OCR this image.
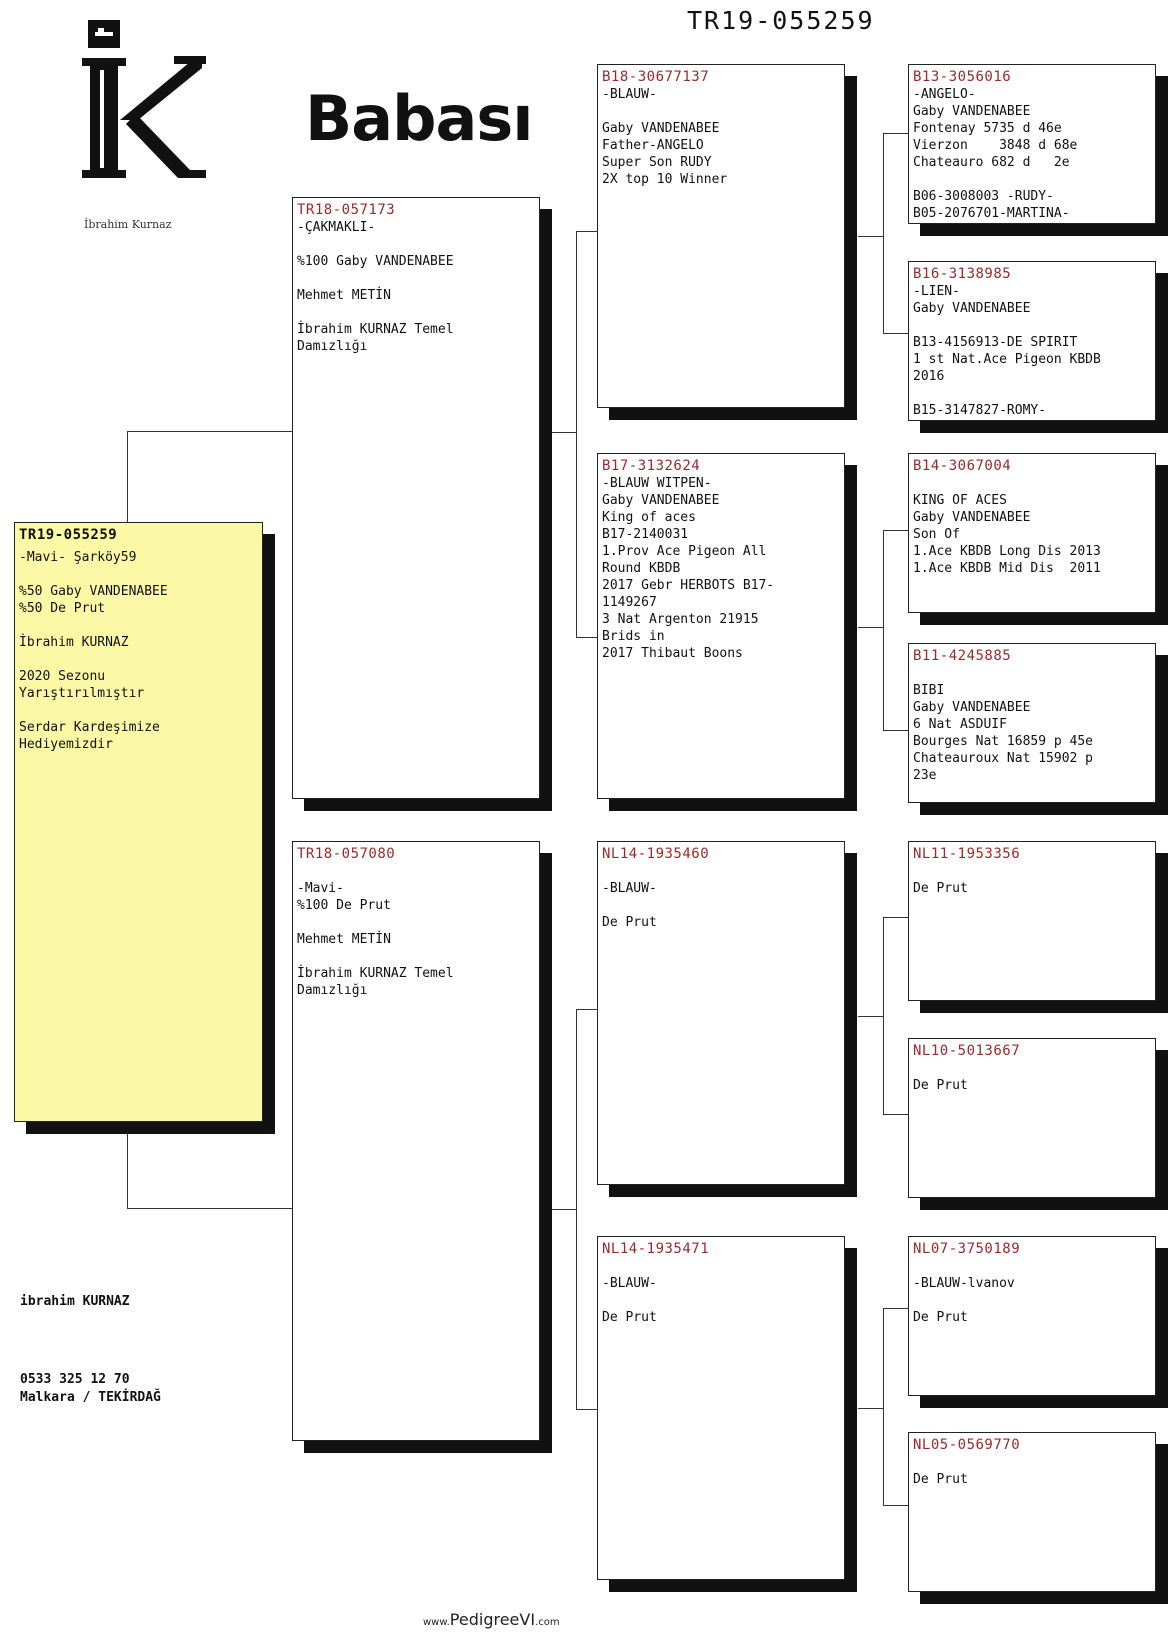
İbrahim Kurnaz
Babası
TR19-055259
TR19-055259
-Mavi- Şarköy59

%50 Gaby VANDENABEE
%50 De Prut

İbrahim KURNAZ

2020 Sezonu
Yarıştırılmıştır

Serdar Kardeşimize
Hediyemizdir
TR18-057173
-ÇAKMAKLI-

%100 Gaby VANDENABEE

Mehmet METİN

İbrahim KURNAZ Temel
Damızlığı
TR18-057080

-Mavi-
%100 De Prut

Mehmet METİN

İbrahim KURNAZ Temel
Damızlığı
B18-30677137
-BLAUW-

Gaby VANDENABEE
Father-ANGELO
Super Son RUDY
2X top 10 Winner
B17-3132624
-BLAUW WITPEN-
Gaby VANDENABEE
King of aces
B17-2140031
1.Prov Ace Pigeon All
Round KBDB
2017 Gebr HERBOTS B17-
1149267
3 Nat Argenton 21915
Brids in
2017 Thibaut Boons
NL14-1935460

-BLAUW-

De Prut
NL14-1935471

-BLAUW-

De Prut
B13-3056016
-ANGELO-
Gaby VANDENABEE
Fontenay 5735 d 46e
Vierzon    3848 d 68e
Chateauro 682 d   2e

B06-3008003 -RUDY-
B05-2076701-MARTINA-
B16-3138985
-LIEN-
Gaby VANDENABEE

B13-4156913-DE SPIRIT
1 st Nat.Ace Pigeon KBDB
2016

B15-3147827-ROMY-
B14-3067004

KING OF ACES
Gaby VANDENABEE
Son Of
1.Ace KBDB Long Dis 2013
1.Ace KBDB Mid Dis  2011
B11-4245885

BIBI
Gaby VANDENABEE
6 Nat ASDUIF
Bourges Nat 16859 p 45e
Chateauroux Nat 15902 p
23e
NL11-1953356

De Prut
NL10-5013667

De Prut
NL07-3750189

-BLAUW-lvanov

De Prut
NL05-0569770

De Prut
ibrahim KURNAZ
0533 325 12 70
Malkara / TEKİRDAĞ
www.PedigreeVI.com
